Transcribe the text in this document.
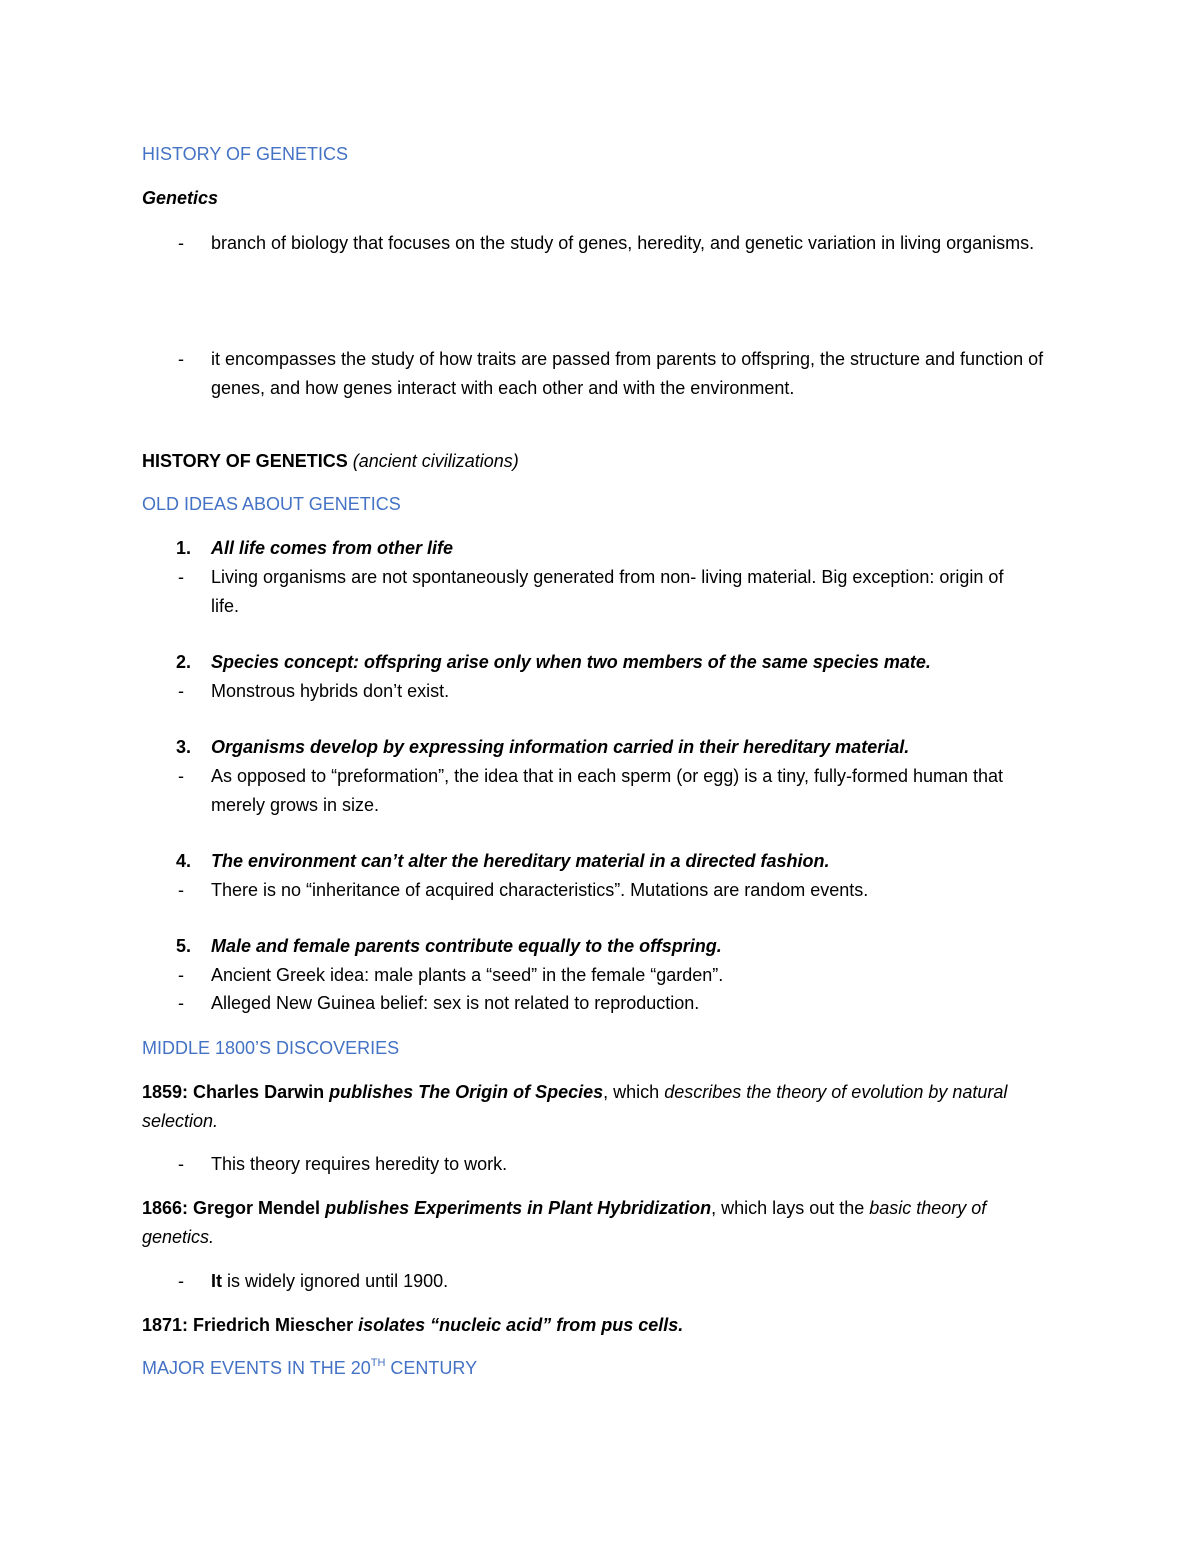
HISTORY OF GENETICS
Genetics
- branch of biology that focuses on the study of genes, heredity, and genetic variation in living organisms.
- it encompasses the study of how traits are passed from parents to offspring, the structure and function of genes, and how genes interact with each other and with the environment.
HISTORY OF GENETICS (ancient civilizations)
OLD IDEAS ABOUT GENETICS
1. All life comes from other life
- Living organisms are not spontaneously generated from non- living material. Big exception: origin of life.
2. Species concept: offspring arise only when two members of the same species mate.
- Monstrous hybrids don’t exist.
3. Organisms develop by expressing information carried in their hereditary material.
- As opposed to “preformation”, the idea that in each sperm (or egg) is a tiny, fully-formed human that merely grows in size.
4. The environment can’t alter the hereditary material in a directed fashion.
- There is no “inheritance of acquired characteristics”. Mutations are random events.
5. Male and female parents contribute equally to the offspring.
- Ancient Greek idea: male plants a “seed” in the female “garden”.
- Alleged New Guinea belief: sex is not related to reproduction.
MIDDLE 1800’S DISCOVERIES
1859: Charles Darwin publishes The Origin of Species, which describes the theory of evolution by natural selection.
- This theory requires heredity to work.
1866: Gregor Mendel publishes Experiments in Plant Hybridization, which lays out the basic theory of genetics.
- It is widely ignored until 1900.
1871: Friedrich Miescher isolates “nucleic acid” from pus cells.
MAJOR EVENTS IN THE 20TH CENTURY
